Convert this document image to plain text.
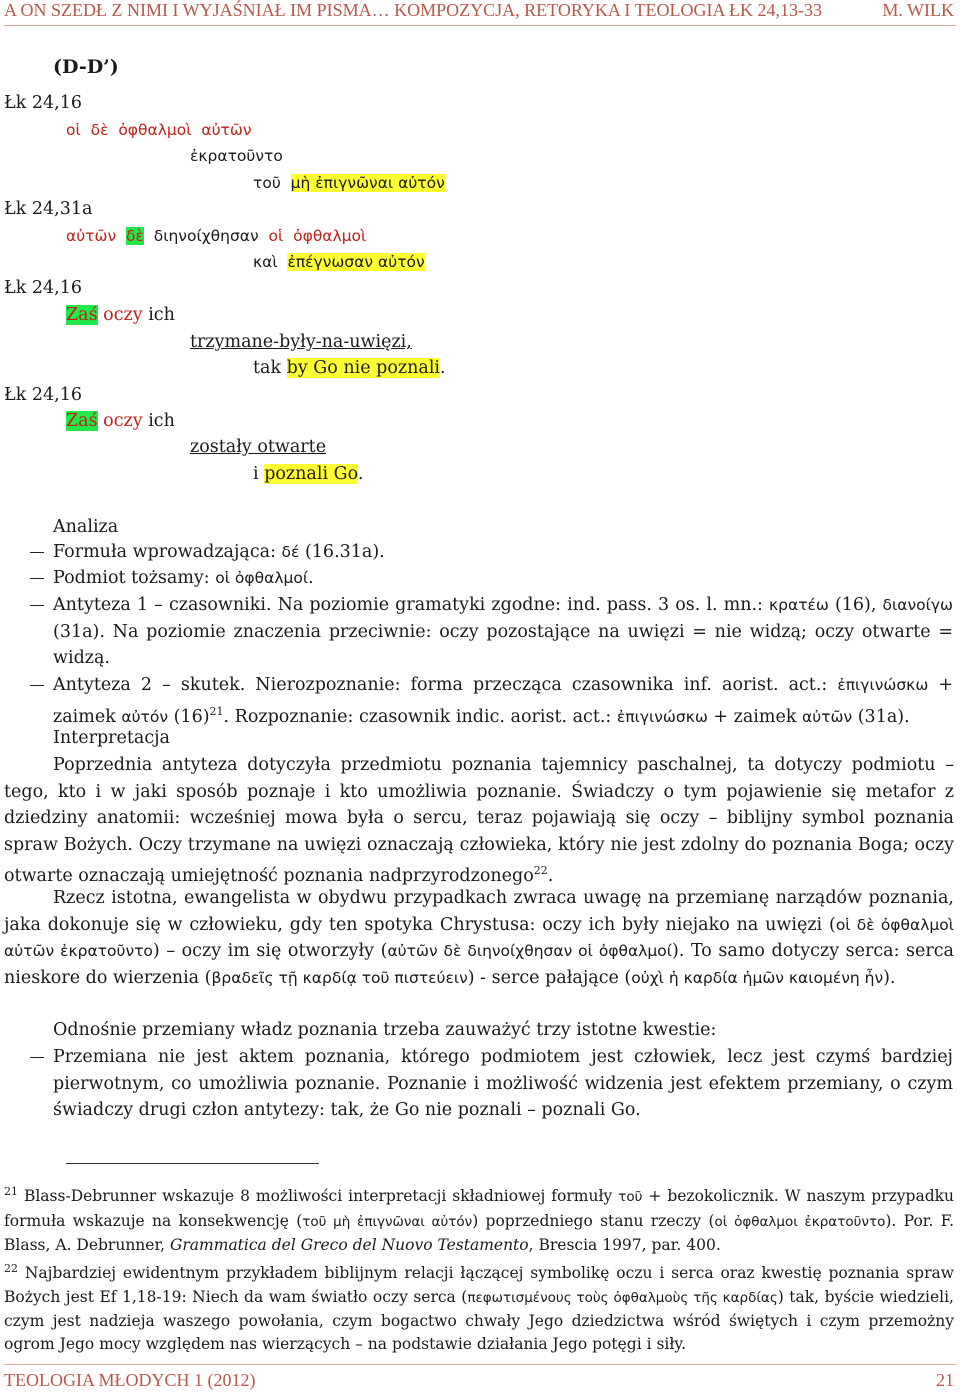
A ON SZEDŁ Z NIMI I WYJAŚNIAŁ IM PISMA… KOMPOZYCJA, RETORYKA I TEOLOGIA ŁK 24,13-33	M. WILK
(D-D’)
Łk 24,16
οἱ δὲ ὀφθαλμοὶ αὐτῶν
ἐκρατοῦντο
τοῦ μὴ ἐπιγνῶναι αὐτόν
Łk 24,31a
αὐτῶν δὲ διηνοίχθησαν οἱ ὀφθαλμοὶ
καὶ ἐπέγνωσαν αὐτόν
Łk 24,16
Zaś oczy ich
trzymane-były-na-uwięzi,
tak by Go nie poznali.
Łk 24,16
Zaś oczy ich
zostały otwarte
i poznali Go.
Analiza
Formuła wprowadzająca: δέ (16.31a).
Podmiot tożsamy: οἱ ὀφθαλμοί.
Antyteza 1 – czasowniki. Na poziomie gramatyki zgodne: ind. pass. 3 os. l. mn.: κρατέω (16), διανοίγω (31a). Na poziomie znaczenia przeciwnie: oczy pozostające na uwięzi = nie widzą; oczy otwarte = widzą.
Antyteza 2 – skutek. Nierozpoznanie: forma przecząca czasownika inf. aorist. act.: ἐπιγινώσκω + zaimek αὐτόν $(16)^{21}$. Rozpoznanie: czasownik indic. aorist. act.: ἐπιγινώσκω + zaimek αὐτῶν (31a).
Interpretacja
Poprzednia antyteza dotyczyła przedmiotu poznania tajemnicy paschalnej, ta dotyczy podmiotu – tego, kto i w jaki sposób poznaje i kto umożliwia poznanie. Świadczy o tym pojawienie się metafor z dziedziny anatomii: wcześniej mowa była o sercu, teraz pojawiają się oczy – biblijny symbol poznania spraw Bożych. Oczy trzymane na uwięzi oznaczają człowieka, który nie jest zdolny do poznania Boga; oczy otwarte oznaczają umiejętność poznania nadprzyrodzonego$^{22}$.
Rzecz istotna, ewangelista w obydwu przypadkach zwraca uwagę na przemianę narządów poznania, jaka dokonuje się w człowieku, gdy ten spotyka Chrystusa: oczy ich były niejako na uwięzi (οἱ δὲ ὀφθαλμοὶ αὐτῶν ἐκρατοῦντο) – oczy im się otworzyły (αὐτῶν δὲ διηνοίχθησαν οἱ ὀφθαλμοί). To samo dotyczy serca: serca nieskore do wierzenia (βραδεῖς τῇ καρδίᾳ τοῦ πιστεύειν) - serce pałające (οὐχὶ ἡ καρδία ἡμῶν καιομένη ἦν).
Odnośnie przemiany władz poznania trzeba zauważyć trzy istotne kwestie:
Przemiana nie jest aktem poznania, którego podmiotem jest człowiek, lecz jest czymś bardziej pierwotnym, co umożliwia poznanie. Poznanie i możliwość widzenia jest efektem przemiany, o czym świadczy drugi człon antytezy: tak, że Go nie poznali – poznali Go.
$^{21}$ Blass-Debrunner wskazuje 8 możliwości interpretacji składniowej formuły τοῦ + bezokolicznik. W naszym przypadku formuła wskazuje na konsekwencję (τοῦ μὴ ἐπιγνῶναι αὐτόν) poprzedniego stanu rzeczy (οἱ ὀφθαλμοι ἐκρατοῦντο). Por. F. Blass, A. Debrunner, Grammatica del Greco del Nuovo Testamento, Brescia 1997, par. 400.
$^{22}$ Najbardziej ewidentnym przykładem biblijnym relacji łączącej symbolikę oczu i serca oraz kwestię poznania spraw Bożych jest Ef 1,18-19: Niech da wam światło oczy serca (πεφωτισμένους τοὺς ὀφθαλμοὺς τῆς καρδίας) tak, byście wiedzieli, czym jest nadzieja waszego powołania, czym bogactwo chwały Jego dziedzictwa wśród świętych i czym przemożny ogrom Jego mocy względem nas wierzących – na podstawie działania Jego potęgi i siły.
TEOLOGIA MŁODYCH 1 (2012)	21
